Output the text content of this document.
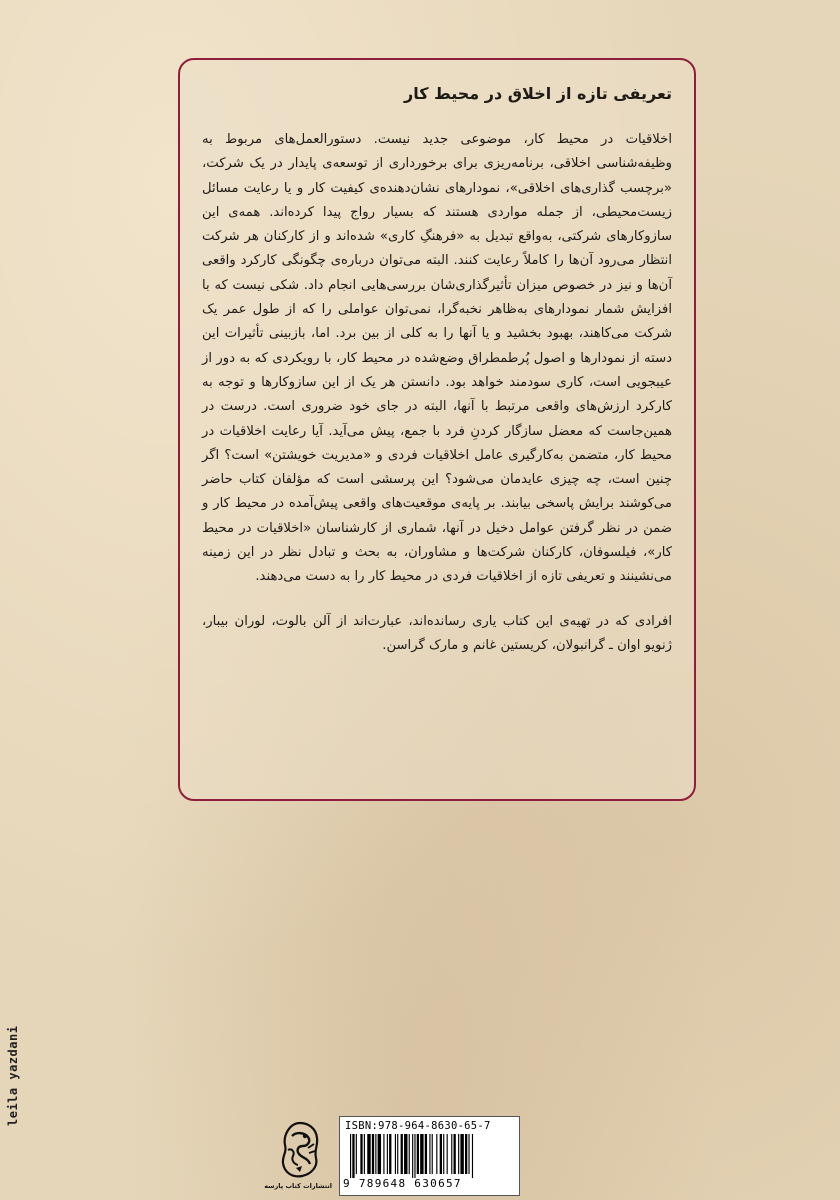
تعریفی تازه از اخلاق در محیط کار

اخلاقیات در محیط کار، موضوعی جدید نیست. دستورالعمل‌های مربوط به وظیفه‌شناسی اخلاقی، برنامه‌ریزی برای برخورداری از توسعه‌ی پایدار در یک شرکت، «برچسب گذاری‌های اخلاقی»، نمودارهای نشان‌دهنده‌ی کیفیت کار و یا رعایت مسائل زیست‌محیطی، از جمله مواردی هستند که بسیار رواج پیدا کرده‌اند. همه‌ی این سازوکارهای شرکتی، به‌واقع تبدیل به «فرهنگِ کاری» شده‌اند و از کارکنان هر شرکت انتظار می‌رود آن‌ها را کاملاً رعایت کنند. البته می‌توان درباره‌ی چگونگی کارکرد واقعی آن‌ها و نیز در خصوص میزان تأثیرگذاری‌شان بررسی‌هایی انجام داد. شکی نیست که با افزایش شمار نمودارهای به‌ظاهر نخبه‌گرا، نمی‌توان عواملی را که از طول عمر یک شرکت می‌کاهند، بهبود بخشید و یا آنها را به کلی از بین برد. اما، بازبینی تأثیرات این دسته از نمودارها و اصول پُرطمطراق وضع‌شده در محیط کار، با رویکردی که به دور از عیبجویی است، کاری سودمند خواهد بود. دانستن هر یک از این سازوکارها و توجه به کارکرد ارزش‌های واقعی مرتبط با آنها، البته در جای خود ضروری است. درست در همین‌جاست که معضل سازگار کردنِ فرد با جمع، پیش می‌آید. آیا رعایت اخلاقیات در محیط کار، متضمن به‌کارگیری عامل اخلاقیات فردی و «مدیریت خویشتن» است؟ اگر چنین است، چه چیزی عایدمان می‌شود؟ این پرسشی است که مؤلفان کتاب حاضر می‌کوشند برایش پاسخی بیابند. بر پایه‌ی موقعیت‌های واقعی پیش‌آمده در محیط کار و ضمن در نظر گرفتن عوامل دخیل در آنها، شماری از کارشناسان «اخلاقیات در محیط کار»، فیلسوفان، کارکنان شرکت‌ها و مشاوران، به بحث و تبادل نظر در این زمینه می‌نشینند و تعریفی تازه از اخلاقیات فردی در محیط کار را به دست می‌دهند.

افرادی که در تهیه‌ی این کتاب یاری رسانده‌اند، عبارت‌اند از آلن بالوت، لوران بیبار، ژنویو اوان ـ گرانبولان، کریستین غانم و مارک گراسن.

leila yazdani
انتشارات کتاب پارسه
ISBN:978-964-8630-65-7
9 789648 630657
